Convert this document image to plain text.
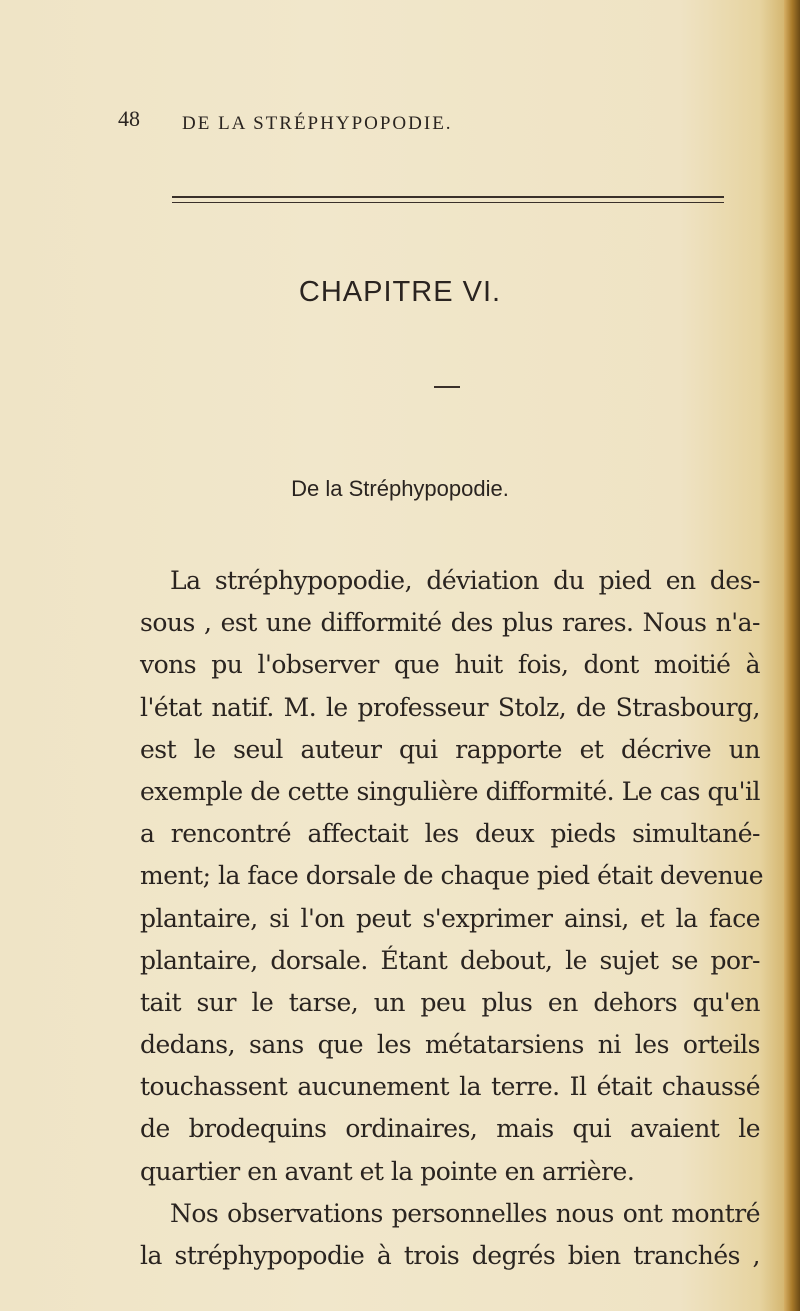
48 DE LA STRÉPHYPOPODIE.
CHAPITRE VI.
De la Stréphypopodie.
La stréphypopodie, déviation du pied en des-
sous , est une difformité des plus rares. Nous n'a-
vons pu l'observer que huit fois, dont moitié à
l'état natif. M. le professeur Stolz, de Strasbourg,
est le seul auteur qui rapporte et décrive un
exemple de cette singulière difformité. Le cas qu'il
a rencontré affectait les deux pieds simultané-
ment; la face dorsale de chaque pied était devenue
plantaire, si l'on peut s'exprimer ainsi, et la face
plantaire, dorsale. Étant debout, le sujet se por-
tait sur le tarse, un peu plus en dehors qu'en
dedans, sans que les métatarsiens ni les orteils
touchassent aucunement la terre. Il était chaussé
de brodequins ordinaires, mais qui avaient le
quartier en avant et la pointe en arrière.
Nos observations personnelles nous ont montré
la stréphypopodie à trois degrés bien tranchés ,
